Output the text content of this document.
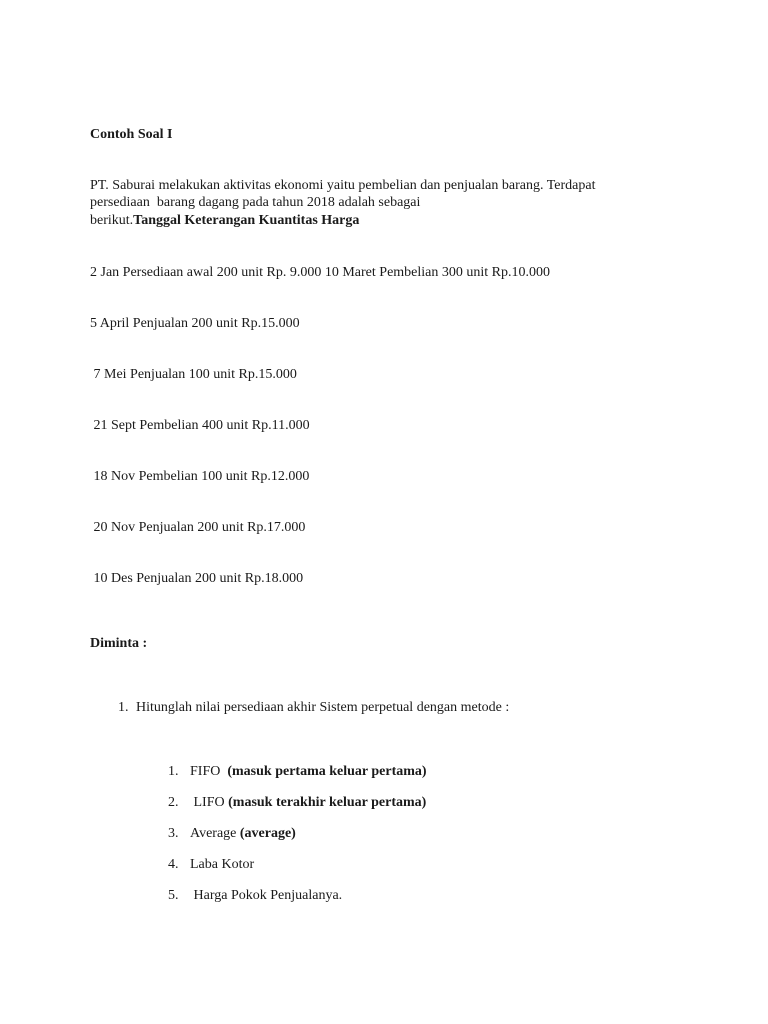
Contoh Soal I
PT. Saburai melakukan aktivitas ekonomi yaitu pembelian dan penjualan barang. Terdapat
persediaan  barang dagang pada tahun 2018 adalah sebagai
berikut.Tanggal Keterangan Kuantitas Harga
2 Jan Persediaan awal 200 unit Rp. 9.000 10 Maret Pembelian 300 unit Rp.10.000
5 April Penjualan 200 unit Rp.15.000
7 Mei Penjualan 100 unit Rp.15.000
21 Sept Pembelian 400 unit Rp.11.000
18 Nov Pembelian 100 unit Rp.12.000
20 Nov Penjualan 200 unit Rp.17.000
10 Des Penjualan 200 unit Rp.18.000
Diminta :
1. Hitunglah nilai persediaan akhir Sistem perpetual dengan metode :
1. FIFO  (masuk pertama keluar pertama)
2. LIFO (masuk terakhir keluar pertama)
3. Average (average)
4. Laba Kotor
5. Harga Pokok Penjualanya.
